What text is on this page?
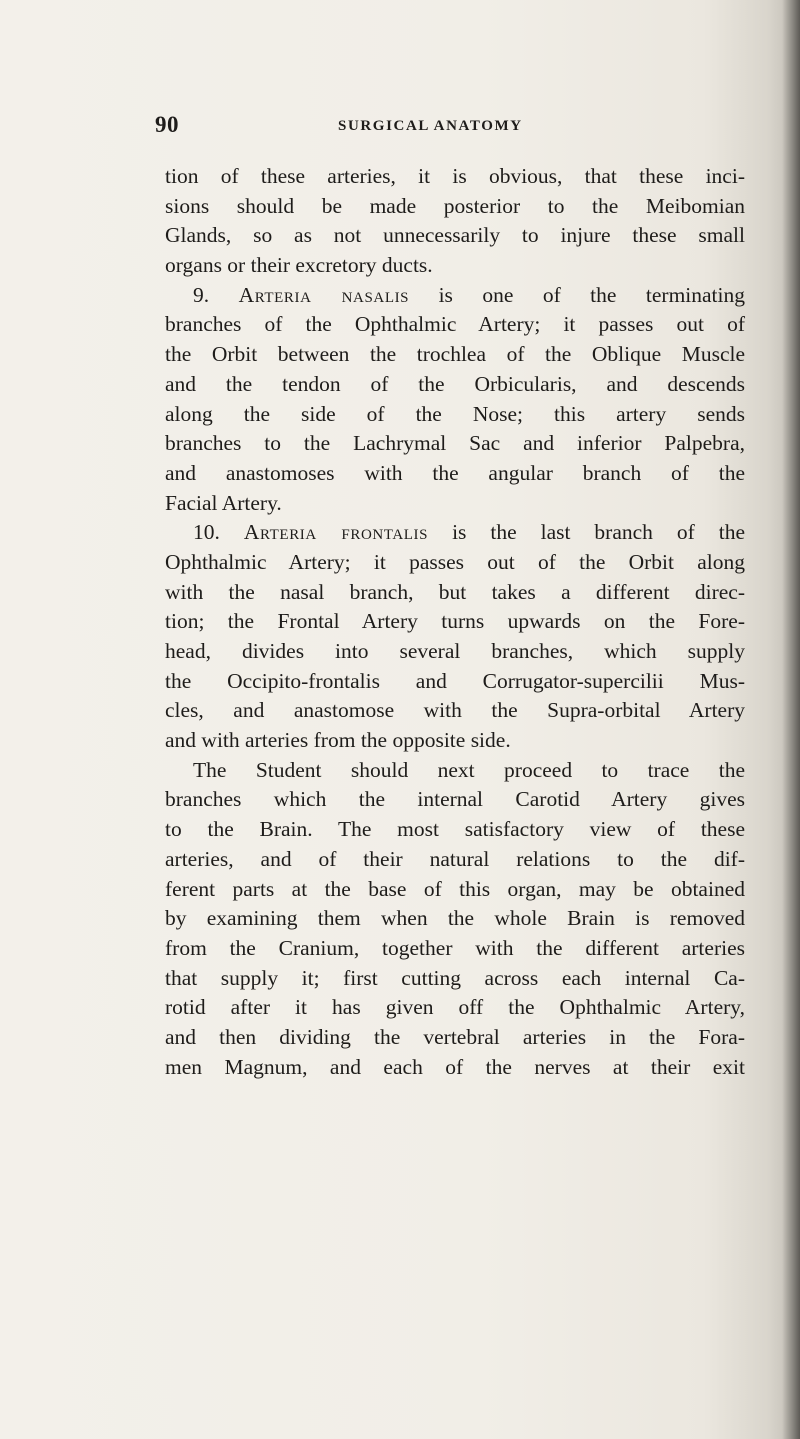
90	SURGICAL ANATOMY
tion of these arteries, it is obvious, that these inci-
sions should be made posterior to the Meibomian
Glands, so as not unnecessarily to injure these small
organs or their excretory ducts.
9. Arteria nasalis is one of the terminating
branches of the Ophthalmic Artery; it passes out of
the Orbit between the trochlea of the Oblique Muscle
and the tendon of the Orbicularis, and descends
along the side of the Nose; this artery sends
branches to the Lachrymal Sac and inferior Palpebra,
and anastomoses with the angular branch of the
Facial Artery.
10. Arteria frontalis is the last branch of the
Ophthalmic Artery; it passes out of the Orbit along
with the nasal branch, but takes a different direc-
tion; the Frontal Artery turns upwards on the Fore-
head, divides into several branches, which supply
the Occipito-frontalis and Corrugator-supercilii Mus-
cles, and anastomose with the Supra-orbital Artery
and with arteries from the opposite side.
The Student should next proceed to trace the
branches which the internal Carotid Artery gives
to the Brain. The most satisfactory view of these
arteries, and of their natural relations to the dif-
ferent parts at the base of this organ, may be obtained
by examining them when the whole Brain is removed
from the Cranium, together with the different arteries
that supply it; first cutting across each internal Ca-
rotid after it has given off the Ophthalmic Artery,
and then dividing the vertebral arteries in the Fora-
men Magnum, and each of the nerves at their exit
